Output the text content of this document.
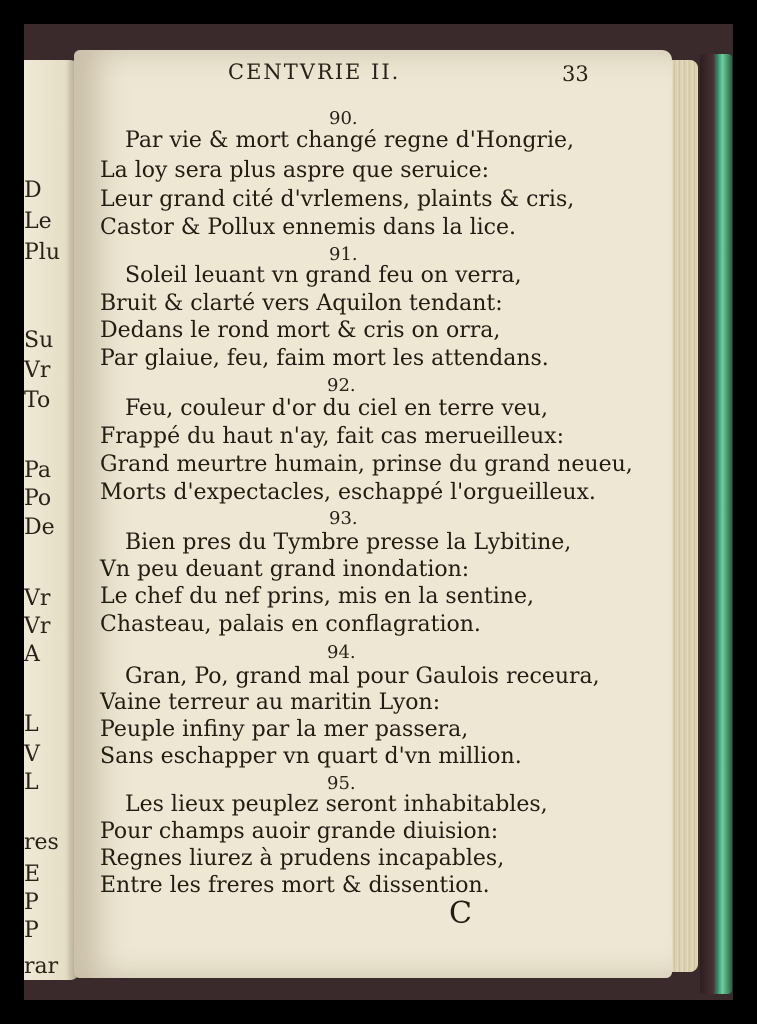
D
Le
Plu
Su
Vr
To
Pa
Po
De
Vr
Vr
A
L
V
L
res
E
P
P
rar
CENTVRIE II.	33
90.
Par vie & mort changé regne d'Hongrie,
La loy sera plus aspre que seruice:
Leur grand cité d'vrlemens, plaints & cris,
Castor & Pollux ennemis dans la lice.
91.
Soleil leuant vn grand feu on verra,
Bruit & clarté vers Aquilon tendant:
Dedans le rond mort & cris on orra,
Par glaiue, feu, faim mort les attendans.
92.
Feu, couleur d'or du ciel en terre veu,
Frappé du haut n'ay, fait cas merueilleux:
Grand meurtre humain, prinse du grand neueu,
Morts d'expectacles, eschappé l'orgueilleux.
93.
Bien pres du Tymbre presse la Lybitine,
Vn peu deuant grand inondation:
Le chef du nef prins, mis en la sentine,
Chasteau, palais en conflagration.
94.
Gran, Po, grand mal pour Gaulois receura,
Vaine terreur au maritin Lyon:
Peuple infiny par la mer passera,
Sans eschapper vn quart d'vn million.
95.
Les lieux peuplez seront inhabitables,
Pour champs auoir grande diuision:
Regnes liurez à prudens incapables,
Entre les freres mort & dissention.
C
